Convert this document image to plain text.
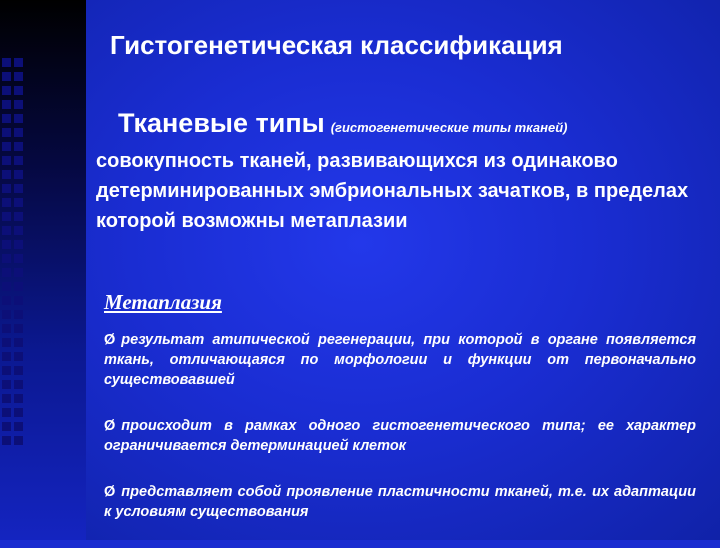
Гистогенетическая классификация
Тканевые типы (гистогенетические типы тканей)
совокупность тканей, развивающихся из одинаково детерминированных эмбриональных зачатков, в пределах которой возможны метаплазии
Метаплазия
Ø результат атипической регенерации, при которой в органе появляется ткань, отличающаяся по морфологии и функции от первоначально существовавшей
Ø происходит в рамках одного гистогенетического типа; ее характер ограничивается детерминацией клеток
Ø представляет собой проявление пластичности тканей, т.е. их адаптации к условиям существования
